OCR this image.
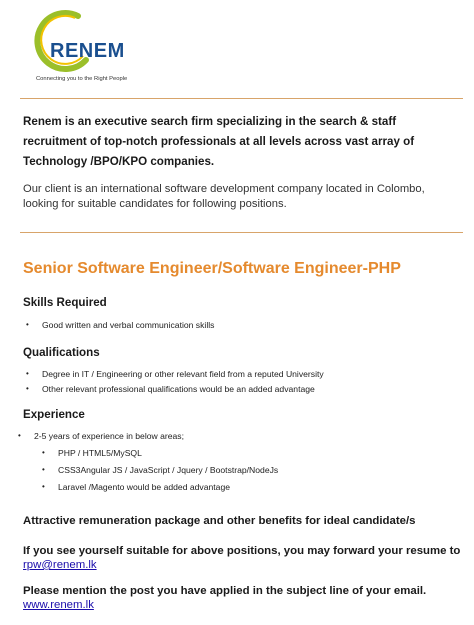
RENEM
Connecting you to the Right People
Renem is an executive search firm specializing in the search & staff recruitment of top-notch professionals at all levels across vast array of Technology /BPO/KPO companies.
Our client is an international software development company located in Colombo, looking for suitable candidates for following positions.
Senior Software Engineer/Software Engineer-PHP
Skills Required
• Good written and verbal communication skills
Qualifications
• Degree in IT / Engineering or other relevant field from a reputed University
• Other relevant professional qualifications would be an added advantage
Experience
• 2-5 years of experience in below areas;
• PHP / HTML5/MySQL
• CSS3Angular JS / JavaScript / Jquery / Bootstrap/NodeJs
• Laravel /Magento would be added advantage
Attractive remuneration package and other benefits for ideal candidate/s
If you see yourself suitable for above positions, you may forward your resume to
rpw@renem.lk
Please mention the post you have applied in the subject line of your email.
www.renem.lk
